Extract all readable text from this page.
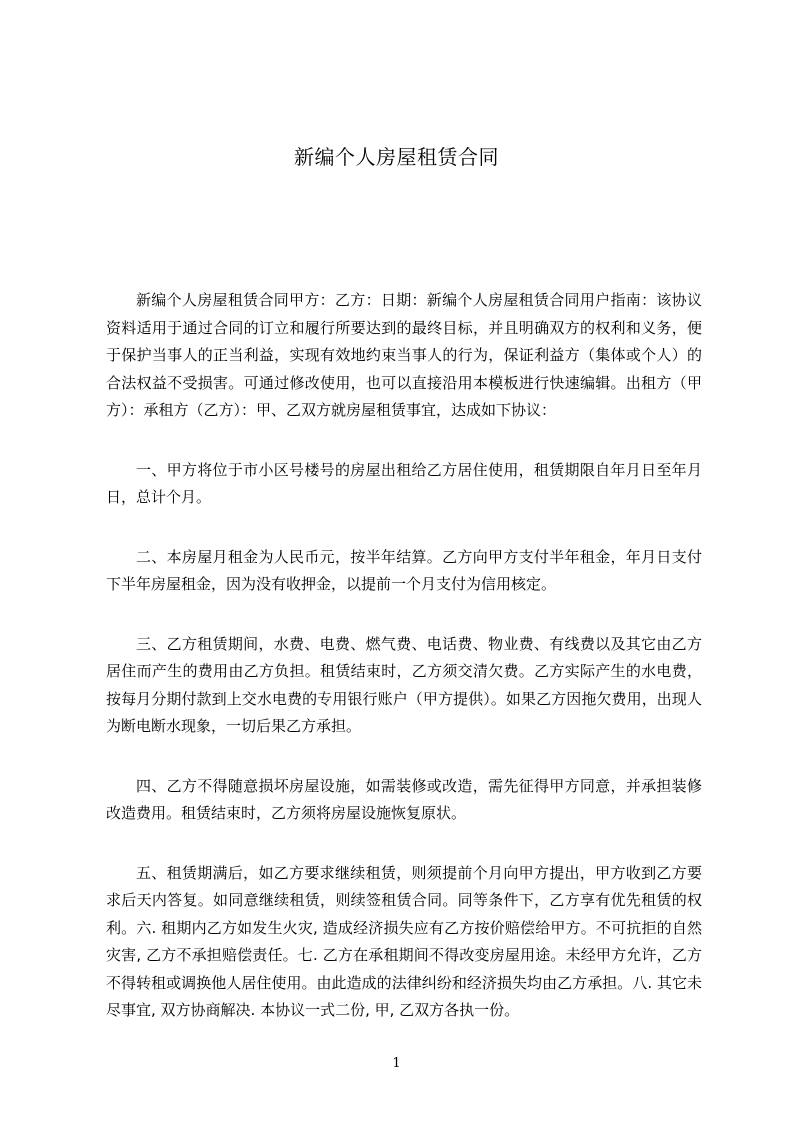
新编个人房屋租赁合同

新编个人房屋租赁合同甲方：乙方：日期：新编个人房屋租赁合同用户指南：该协议资料适用于通过合同的订立和履行所要达到的最终目标，并且明确双方的权利和义务，便于保护当事人的正当利益，实现有效地约束当事人的行为，保证利益方（集体或个人）的合法权益不受损害。可通过修改使用，也可以直接沿用本模板进行快速编辑。出租方（甲方）：承租方（乙方）：甲、乙双方就房屋租赁事宜，达成如下协议：

一、甲方将位于市小区号楼号的房屋出租给乙方居住使用，租赁期限自年月日至年月日，总计个月。

二、本房屋月租金为人民币元，按半年结算。乙方向甲方支付半年租金，年月日支付下半年房屋租金，因为没有收押金，以提前一个月支付为信用核定。

三、乙方租赁期间，水费、电费、燃气费、电话费、物业费、有线费以及其它由乙方居住而产生的费用由乙方负担。租赁结束时，乙方须交清欠费。乙方实际产生的水电费，按每月分期付款到上交水电费的专用银行账户（甲方提供）。如果乙方因拖欠费用，出现人为断电断水现象，一切后果乙方承担。

四、乙方不得随意损坏房屋设施，如需装修或改造，需先征得甲方同意，并承担装修改造费用。租赁结束时，乙方须将房屋设施恢复原状。

五、租赁期满后，如乙方要求继续租赁，则须提前个月向甲方提出，甲方收到乙方要求后天内答复。如同意继续租赁，则续签租赁合同。同等条件下，乙方享有优先租赁的权利。六. 租期内乙方如发生火灾, 造成经济损失应有乙方按价赔偿给甲方。不可抗拒的自然灾害, 乙方不承担赔偿责任。七. 乙方在承租期间不得改变房屋用途。未经甲方允许，乙方不得转租或调换他人居住使用。由此造成的法律纠纷和经济损失均由乙方承担。八. 其它未尽事宜, 双方协商解决. 本协议一式二份, 甲, 乙双方各执一份。

1
